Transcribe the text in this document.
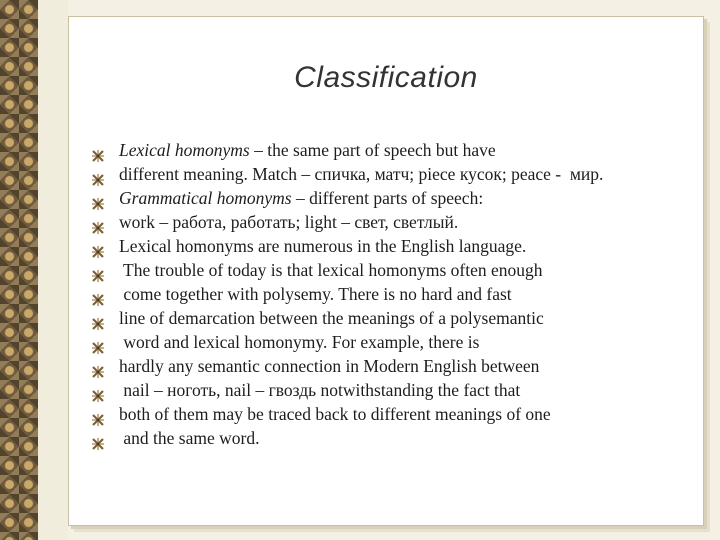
Classification
Lexical homonyms – the same part of speech but have
different meaning. Match – спичка, матч; piece кусок; peace -  мир.
Grammatical homonyms – different parts of speech:
work – работа, работать; light – свет, светлый.
Lexical homonyms are numerous in the English language.
The trouble of today is that lexical homonyms often enough
come together with polysemy. There is no hard and fast
line of demarcation between the meanings of a polysemantic
word and lexical homonymy. For example, there is
hardly any semantic connection in Modern English between
nail – ноготь, nail – гвоздь notwithstanding the fact that
both of them may be traced back to different meanings of one
and the same word.
